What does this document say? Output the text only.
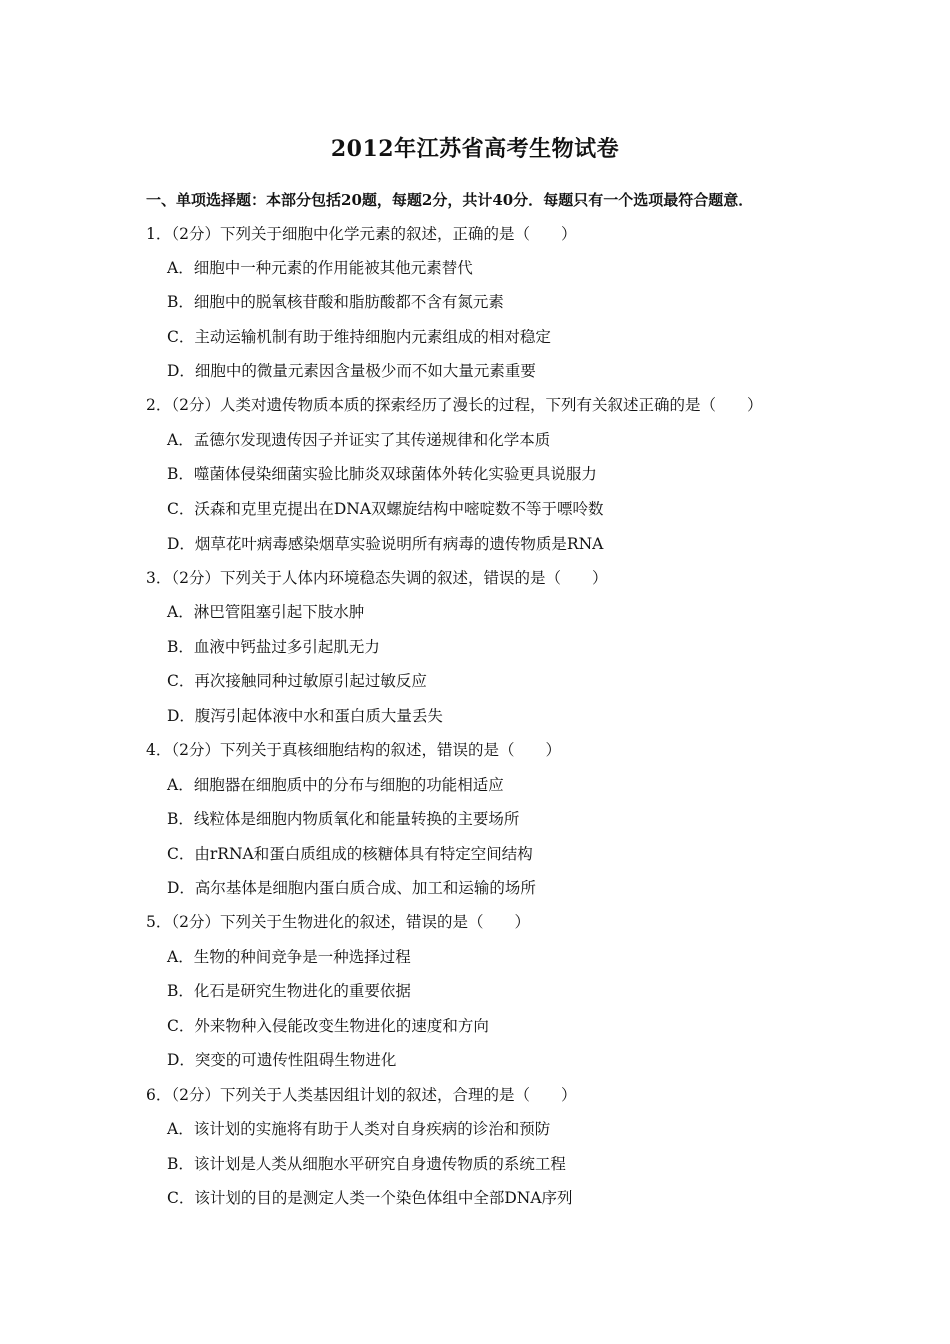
2012年江苏省高考生物试卷
一、单项选择题：本部分包括20题，每题2分，共计40分．每题只有一个选项最符合题意．
1．（2分）下列关于细胞中化学元素的叙述，正确的是（　　）
A．细胞中一种元素的作用能被其他元素替代
B．细胞中的脱氧核苷酸和脂肪酸都不含有氮元素
C．主动运输机制有助于维持细胞内元素组成的相对稳定
D．细胞中的微量元素因含量极少而不如大量元素重要
2．（2分）人类对遗传物质本质的探索经历了漫长的过程，下列有关叙述正确的是（　　）
A．孟德尔发现遗传因子并证实了其传递规律和化学本质
B．噬菌体侵染细菌实验比肺炎双球菌体外转化实验更具说服力
C．沃森和克里克提出在DNA双螺旋结构中嘧啶数不等于嘌呤数
D．烟草花叶病毒感染烟草实验说明所有病毒的遗传物质是RNA
3．（2分）下列关于人体内环境稳态失调的叙述，错误的是（　　）
A．淋巴管阻塞引起下肢水肿
B．血液中钙盐过多引起肌无力
C．再次接触同种过敏原引起过敏反应
D．腹泻引起体液中水和蛋白质大量丢失
4．（2分）下列关于真核细胞结构的叙述，错误的是（　　）
A．细胞器在细胞质中的分布与细胞的功能相适应
B．线粒体是细胞内物质氧化和能量转换的主要场所
C．由rRNA和蛋白质组成的核糖体具有特定空间结构
D．高尔基体是细胞内蛋白质合成、加工和运输的场所
5．（2分）下列关于生物进化的叙述，错误的是（　　）
A．生物的种间竞争是一种选择过程
B．化石是研究生物进化的重要依据
C．外来物种入侵能改变生物进化的速度和方向
D．突变的可遗传性阻碍生物进化
6．（2分）下列关于人类基因组计划的叙述，合理的是（　　）
A．该计划的实施将有助于人类对自身疾病的诊治和预防
B．该计划是人类从细胞水平研究自身遗传物质的系统工程
C．该计划的目的是测定人类一个染色体组中全部DNA序列
